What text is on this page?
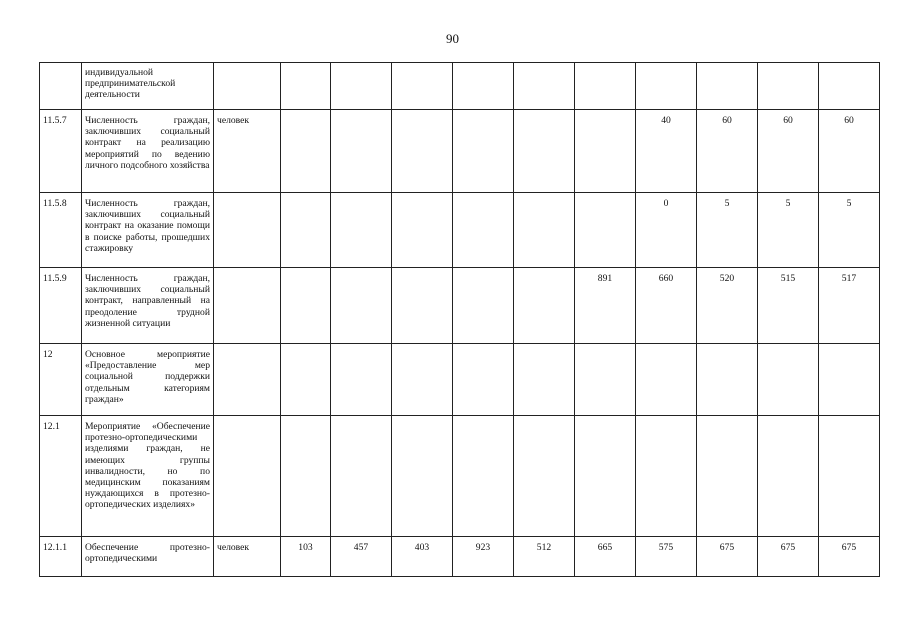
90
	индивидуальной предпринимательской деятельности											
11.5.7	Численность граждан, заключивших социальный контракт на реализацию мероприятий по ведению личного подсобного хозяйства	человек							40	60	60	60
11.5.8	Численность граждан, заключивших социальный контракт на оказание помощи в поиске работы, прошедших стажировку								0	5	5	5
11.5.9	Численность граждан, заключивших социальный контракт, направленный на преодоление трудной жизненной ситуации							891	660	520	515	517
12	Основное мероприятие «Предоставление мер социальной поддержки отдельным категориям граждан»											
12.1	Мероприятие «Обеспечение протезно-ортопедическими изделиями граждан, не имеющих группы инвалидности, но по медицинским показаниям нуждающихся в протезно-ортопедических изделиях»											
12.1.1	Обеспечение протезно-ортопедическими	человек	103	457	403	923	512	665	575	675	675	675
